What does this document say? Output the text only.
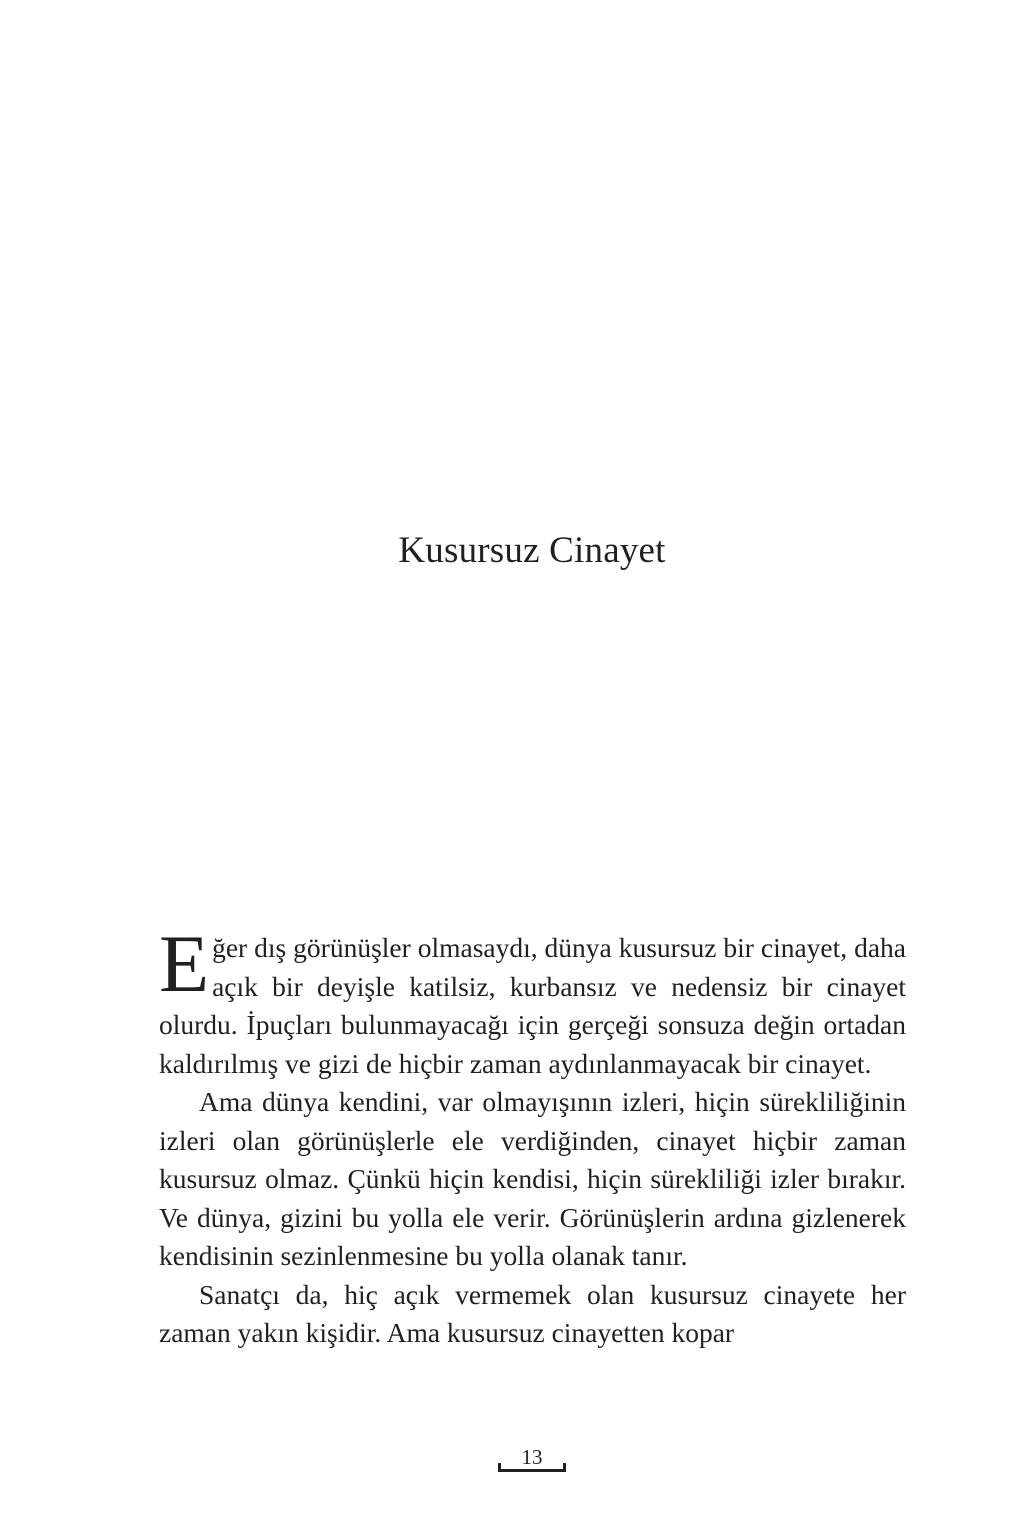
Kusursuz Cinayet

Eğer dış görünüşler olmasaydı, dünya kusursuz bir cinayet, daha açık bir deyişle katilsiz, kurbansız ve nedensiz bir cinayet olurdu. İpuçları bulunmayacağı için gerçeği sonsuza değin ortadan kaldırılmış ve gizi de hiçbir zaman aydınlanmayacak bir cinayet.

Ama dünya kendini, var olmayışının izleri, hiçin sürekliliğinin izleri olan görünüşlerle ele verdiğinden, cinayet hiçbir zaman kusursuz olmaz. Çünkü hiçin kendisi, hiçin sürekliliği izler bırakır. Ve dünya, gizini bu yolla ele verir. Görünüşlerin ardına gizlenerek kendisinin sezinlenmesine bu yolla olanak tanır.

Sanatçı da, hiç açık vermemek olan kusursuz cinayete her zaman yakın kişidir. Ama kusursuz cinayetten kopar

13
